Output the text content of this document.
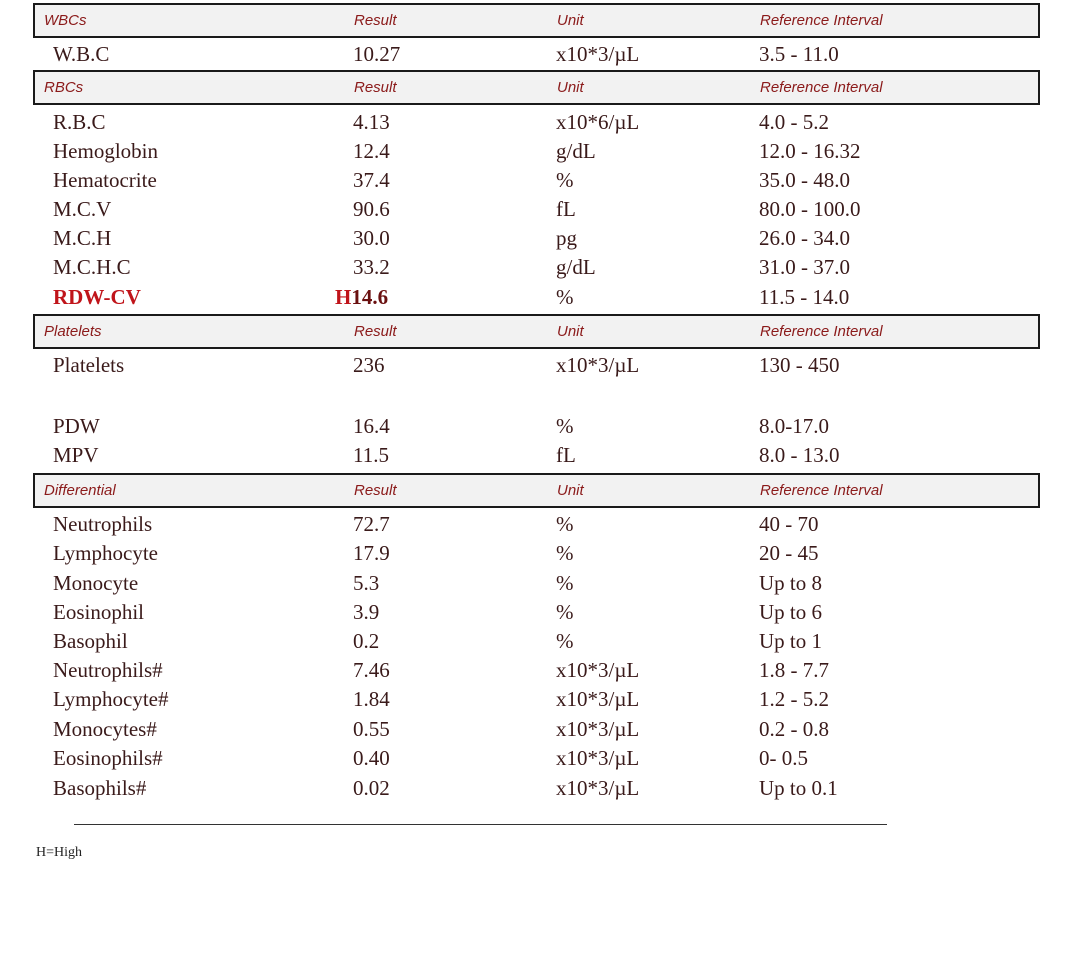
WBCs	Result	Unit	Reference Interval
W.B.C	10.27	x10*3/µL	3.5 - 11.0
RBCs	Result	Unit	Reference Interval
R.B.C	4.13	x10*6/µL	4.0 - 5.2
Hemoglobin	12.4	g/dL	12.0 - 16.32
Hematocrite	37.4	%	35.0 - 48.0
M.C.V	90.6	fL	80.0 - 100.0
M.C.H	30.0	pg	26.0 - 34.0
M.C.H.C	33.2	g/dL	31.0 - 37.0
RDW-CV	H14.6	%	11.5 - 14.0
Platelets	Result	Unit	Reference Interval
Platelets	236	x10*3/µL	130 - 450
PDW	16.4	%	8.0-17.0
MPV	11.5	fL	8.0 - 13.0
Differential	Result	Unit	Reference Interval
Neutrophils	72.7	%	40 - 70
Lymphocyte	17.9	%	20 - 45
Monocyte	5.3	%	Up to 8
Eosinophil	3.9	%	Up to 6
Basophil	0.2	%	Up to 1
Neutrophils#	7.46	x10*3/µL	1.8 - 7.7
Lymphocyte#	1.84	x10*3/µL	1.2 - 5.2
Monocytes#	0.55	x10*3/µL	0.2 - 0.8
Eosinophils#	0.40	x10*3/µL	0- 0.5
Basophils#	0.02	x10*3/µL	Up to 0.1
H=High
